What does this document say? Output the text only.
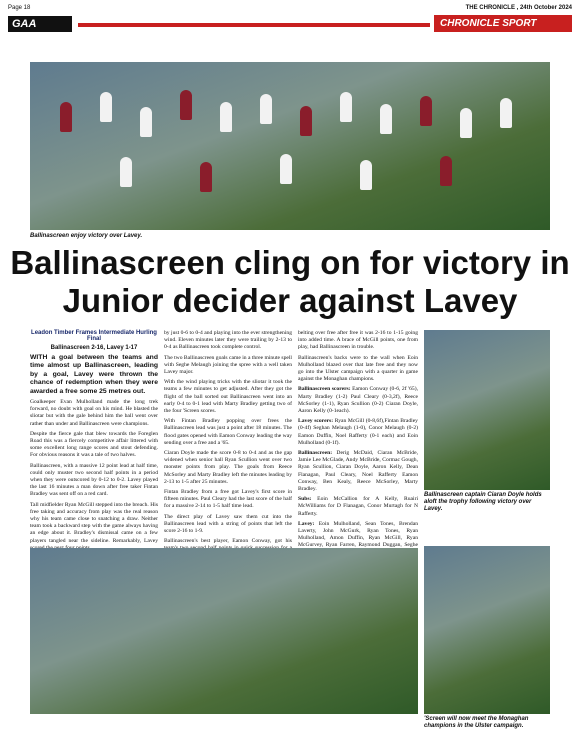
Page 18	THE CHRONICLE , 24th October 2024
GAA	CHRONICLE SPORT
Ballinascreen enjoy victory over Lavey.
Ballinascreen cling on for victory in Junior decider against Lavey

Leadon Timber Frames Intermediate Hurling Final

Ballinascreen 2-16, Lavey 1-17

WITH a goal between the teams and time almost up Ballinascreen, leading by a goal, Lavey were thrown the chance of redemption when they were awarded a free some 25 metres out.

Goalkeeper Evan Mulholland made the long trek forward, no doubt with goal on his mind. He blasted the sliotar but with the gale behind him the ball went over rather than under and Ballinascreen were champions.

Despite the fierce gale that blew towards the Foreglen Road this was a fiercely competitive affair littered with some excellent long range scores and stout defending. For obvious reasons it was a tale of two halves.

Ballinascreen, with a massive 12 point lead at half time, could only muster two second half points in a period when they were outscored by 0-12 to 0-2. Lavey played the last 16 minutes a man down after free taker Fintan Bradley was sent off on a red card.

Tall midfielder Ryan McGill stepped into the breach. His free taking and accuracy from play was the real reason why his team came close to snatching a draw. Neither team took a backward step with the game always having an edge about it. Bradley's dismissal came on a few players tangled near the sideline. Remarkably, Lavey

by just 0-6 to 0-4 and playing into the ever strengthening wind. Eleven minutes later they were trailing by 2-13 to 0-4 as Ballinascreen took complete control.

The two Ballinascreen goals came in a three minute spell with Seghe Melaugh joining the spree with a well taken Lavey major.

With the wind playing tricks with the sliotar it took the teams a few minutes to get adjusted. After they got the flight of the ball sorted out Ballinascreen went into an early 0-4 to 0-1 lead with Marty Bradley getting two of the four 'Screen scores.

With Fintan Bradley popping over frees the Ballinascreen lead was just a point after 18 minutes. The flood gates opened with Eamon Conway leading the way sending over a free and a '65.

Ciaran Doyle made the score 0-8 to 0-4 and as the gap widened when senior hall Ryan Scullion went over two monster points from play. The goals from Reece McSorley and Marty Bradley left the minutes leading by 2-13 to 1-5 after 25 minutes.

Fintan Bradley from a free got Lavey's first score in fifteen minutes. Paul Cleary had the last score of the half for a massive 2-14 to 1-5 half time lead.

The direct play of Lavey saw them cut into the Ballinascreen lead with a string of points that left the score 2-16 to 1-9.

Ballinascreen's best player, Eamon Conway, got his

belting over free after free it was 2-16 to 1-15 going into added time. A brace of McGill points, one from play, had Ballinascreen in trouble.

Ballinascreen's backs were to the wall when Eoin Mulholland blazed over that late free and they now go into the Ulster campaign with a quarter in game against the Monaghan champions.

Ballinascreen scorers: Eamon Conway (0-6, 2f '65), Marty Bradley (1-2) Paul Cleary (0-3,2f), Reece McSorley (1-1), Ryan Scullion (0-2) Ciaran Doyle, Aaron Kelly (0-1each).

Lavey scorers: Ryan McGill (0-8,6f),Fintan Bradley (0-4f) Seghan Melaugh (1-0), Conor Melaugh (0-2) Eamon Duffin, Noel Rafferty (0-1 each) and Eoin Mulholland (0-1f).

Ballinascreen: Derig McDaid, Ciaran McBride, Jamie Lee McGlade, Andy McBride, Cormac Gough, Ryan Scullion, Ciaran Doyle, Aaron Kelly, Dean Flanagan, Paul Cleary, Noel Rafferty Eamon Conway, Ben Kealy, Reece McSorley, Marty Bradley.

Subs: Eoin McCallion for A Kelly, Ruairi McWilliams for D Flanagan, Conor Murtagh for N Rafferty.

Lavey: Eoin Mulholland, Sean Tones, Brendan Laverty, John McGurk, Ryan Tones, Ryan Mulholland, Amon Duffin, Ryan McGill, Ryan McGurvey, Ryan Farren, Raymond Duggan, Seghe

Ballinascreen captain Ciaran Doyle holds aloft the trophy following victory over Lavey.
'Screen will now meet the Monaghan champions in the Ulster campaign.
